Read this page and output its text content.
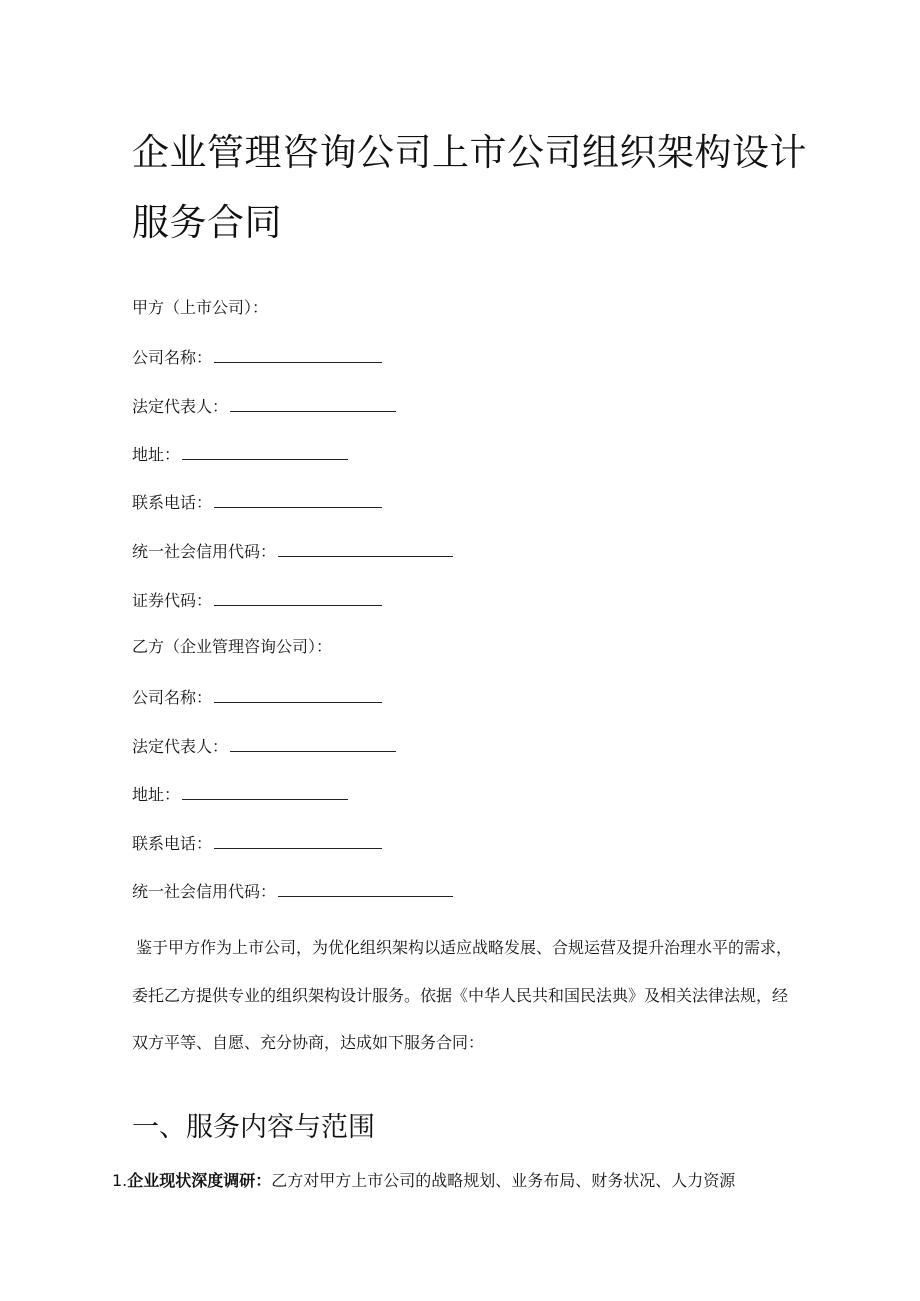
企业管理咨询公司上市公司组织架构设计服务合同
甲方（上市公司）：
公司名称：
法定代表人：
地址：
联系电话：
统一社会信用代码：
证券代码：
乙方（企业管理咨询公司）：
公司名称：
法定代表人：
地址：
联系电话：
统一社会信用代码：

鉴于甲方作为上市公司，为优化组织架构以适应战略发展、合规运营及提升治理水平的需求，委托乙方提供专业的组织架构设计服务。依据《中华人民共和国民法典》及相关法律法规，经双方平等、自愿、充分协商，达成如下服务合同：

一、服务内容与范围
1.企业现状深度调研：乙方对甲方上市公司的战略规划、业务布局、财务状况、人力资源
